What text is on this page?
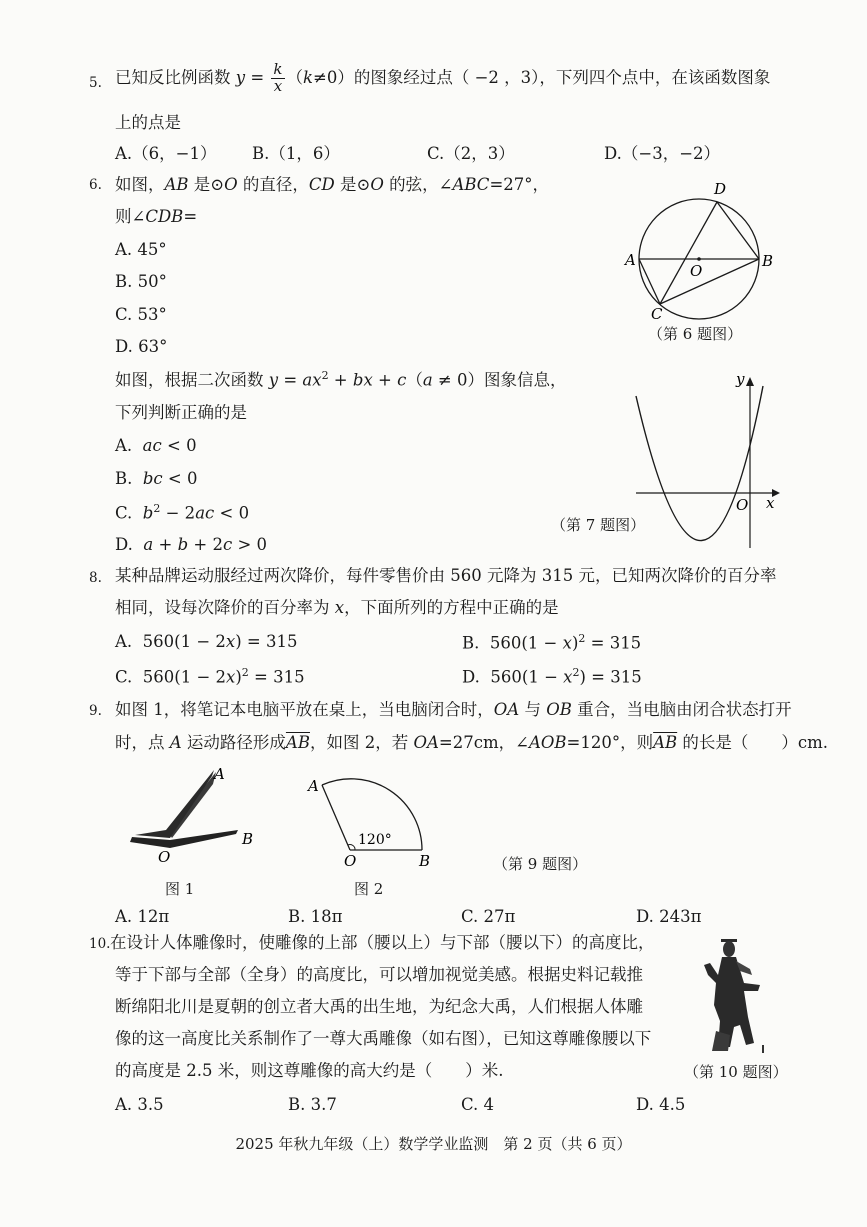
5. 已知反比例函数 $y = \frac{k}{x} (k\ne 0)$的图象经过点（ −2 ，3），下列四个点中，在该函数图象
上的点是
A.（6，−1） B.（1，6）	C.（2，3）	D.（−3，−2）
6. 如图，AB 是⊙O 的直径，CD 是⊙O 的弦，∠ABC=27°，
则∠CDB=
A. 45°
B. 50°
C. 53°
D. 63°
A	B
C
D
O
（第 6 题图）
如图，根据二次函数 $y = ax^2$ + bx + c（a ≠ 0）图象信息，
下列判断正确的是
A. ac < 0
B. bc < 0
C. $b^2 - 2ac < 0$
D. a + b + 2c > 0
y
O x
（第 7 题图）
8. 某种品牌运动服经过两次降价，每件零售价由 560 元降为 315 元，已知两次降价的百分率
相同，设每次降价的百分率为 x，下面所列的方程中正确的是
A. 560(1 − 2x) = 315	B. $560(1 - x)^2 = 315$
C. $560(1 - 2x)^2 = 315$	D. $560(1 - x^2) = 315$
9. 如图 1，将笔记本电脑平放在桌上，当电脑闭合时，OA 与 OB 重合，当电脑由闭合状态打开
时，点 A 运动路径形成$\overline{AB}$，如图 2，若 OA=27cm，∠AOB=120°，则$\overline{AB}$ 的长是（　　）cm.
A
B
O
图 1
A
O	B
120°
图 2
（第 9 题图）
A. 12π	B. 18π	C. 27π	D. 243π
10. 在设计人体雕像时，使雕像的上部（腰以上）与下部（腰以下）的高度比，
等于下部与全部（全身）的高度比，可以增加视觉美感。根据史料记载推
断绵阳北川是夏朝的创立者大禹的出生地，为纪念大禹，人们根据人体雕
像的这一高度比关系制作了一尊大禹雕像（如右图），已知这尊雕像腰以下
的高度是 2.5 米，则这尊雕像的高大约是（　　）米.	（第 10 题图）
A. 3.5	B. 3.7	C. 4	D. 4.5
2025 年秋九年级（上）数学学业监测　第 2 页（共 6 页）
